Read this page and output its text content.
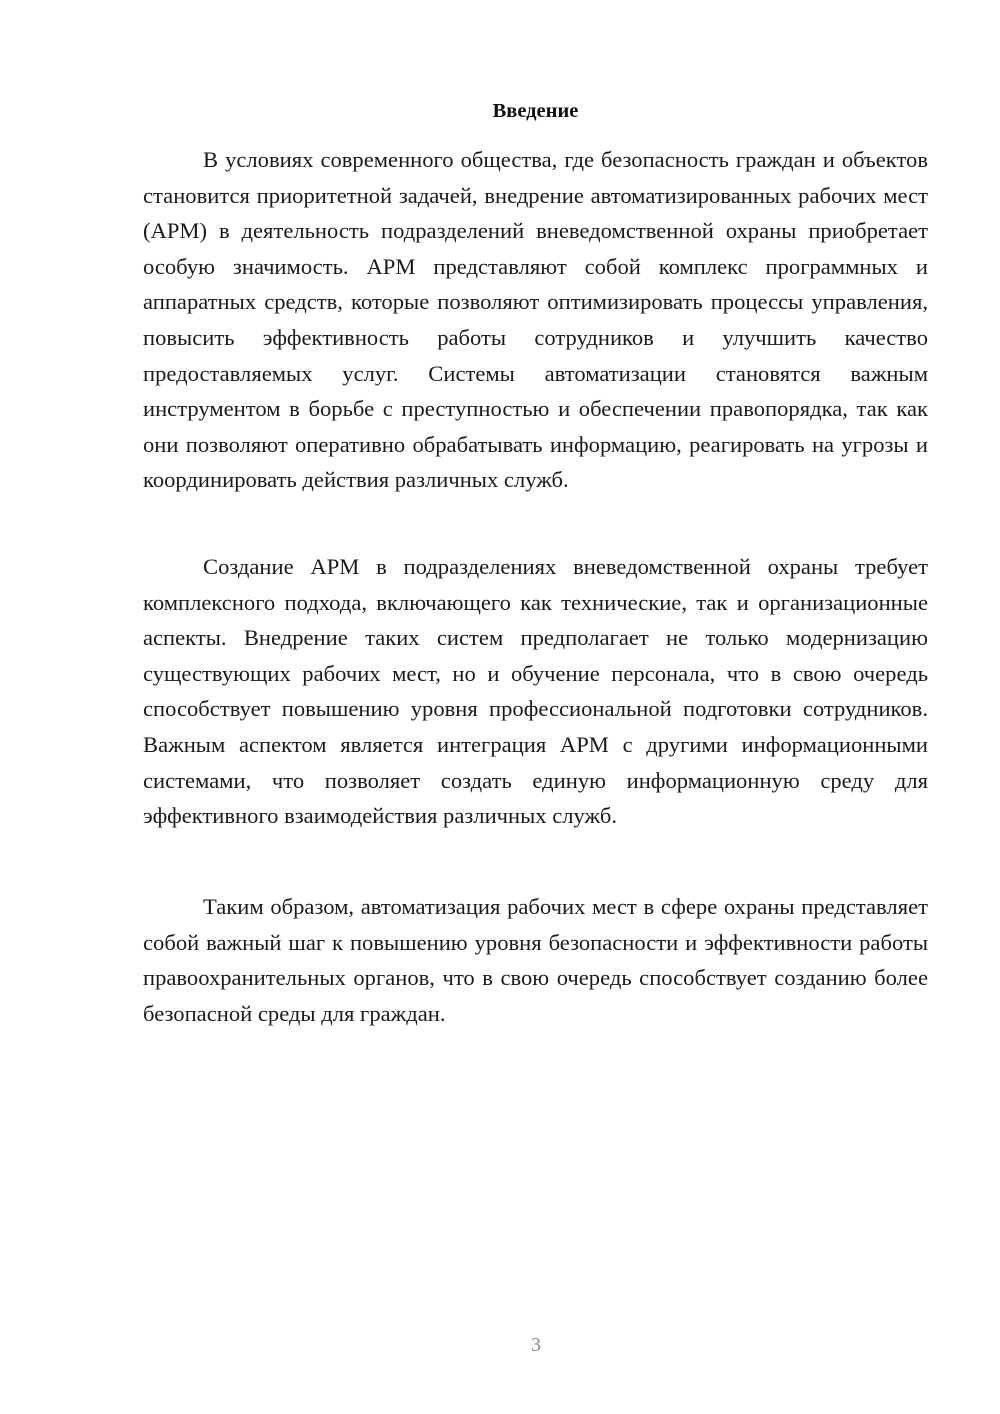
Введение

В условиях современного общества, где безопасность граждан и объектов становится приоритетной задачей, внедрение автоматизированных рабочих мест (АРМ) в деятельность подразделений вневедомственной охраны приобретает особую значимость. АРМ представляют собой комплекс программных и аппаратных средств, которые позволяют оптимизировать процессы управления, повысить эффективность работы сотрудников и улучшить качество предоставляемых услуг. Системы автоматизации становятся важным инструментом в борьбе с преступностью и обеспечении правопорядка, так как они позволяют оперативно обрабатывать информацию, реагировать на угрозы и координировать действия различных служб.

Создание АРМ в подразделениях вневедомственной охраны требует комплексного подхода, включающего как технические, так и организационные аспекты. Внедрение таких систем предполагает не только модернизацию существующих рабочих мест, но и обучение персонала, что в свою очередь способствует повышению уровня профессиональной подготовки сотрудников. Важным аспектом является интеграция АРМ с другими информационными системами, что позволяет создать единую информационную среду для эффективного взаимодействия различных служб.

Таким образом, автоматизация рабочих мест в сфере охраны представляет собой важный шаг к повышению уровня безопасности и эффективности работы правоохранительных органов, что в свою очередь способствует созданию более безопасной среды для граждан.

3
